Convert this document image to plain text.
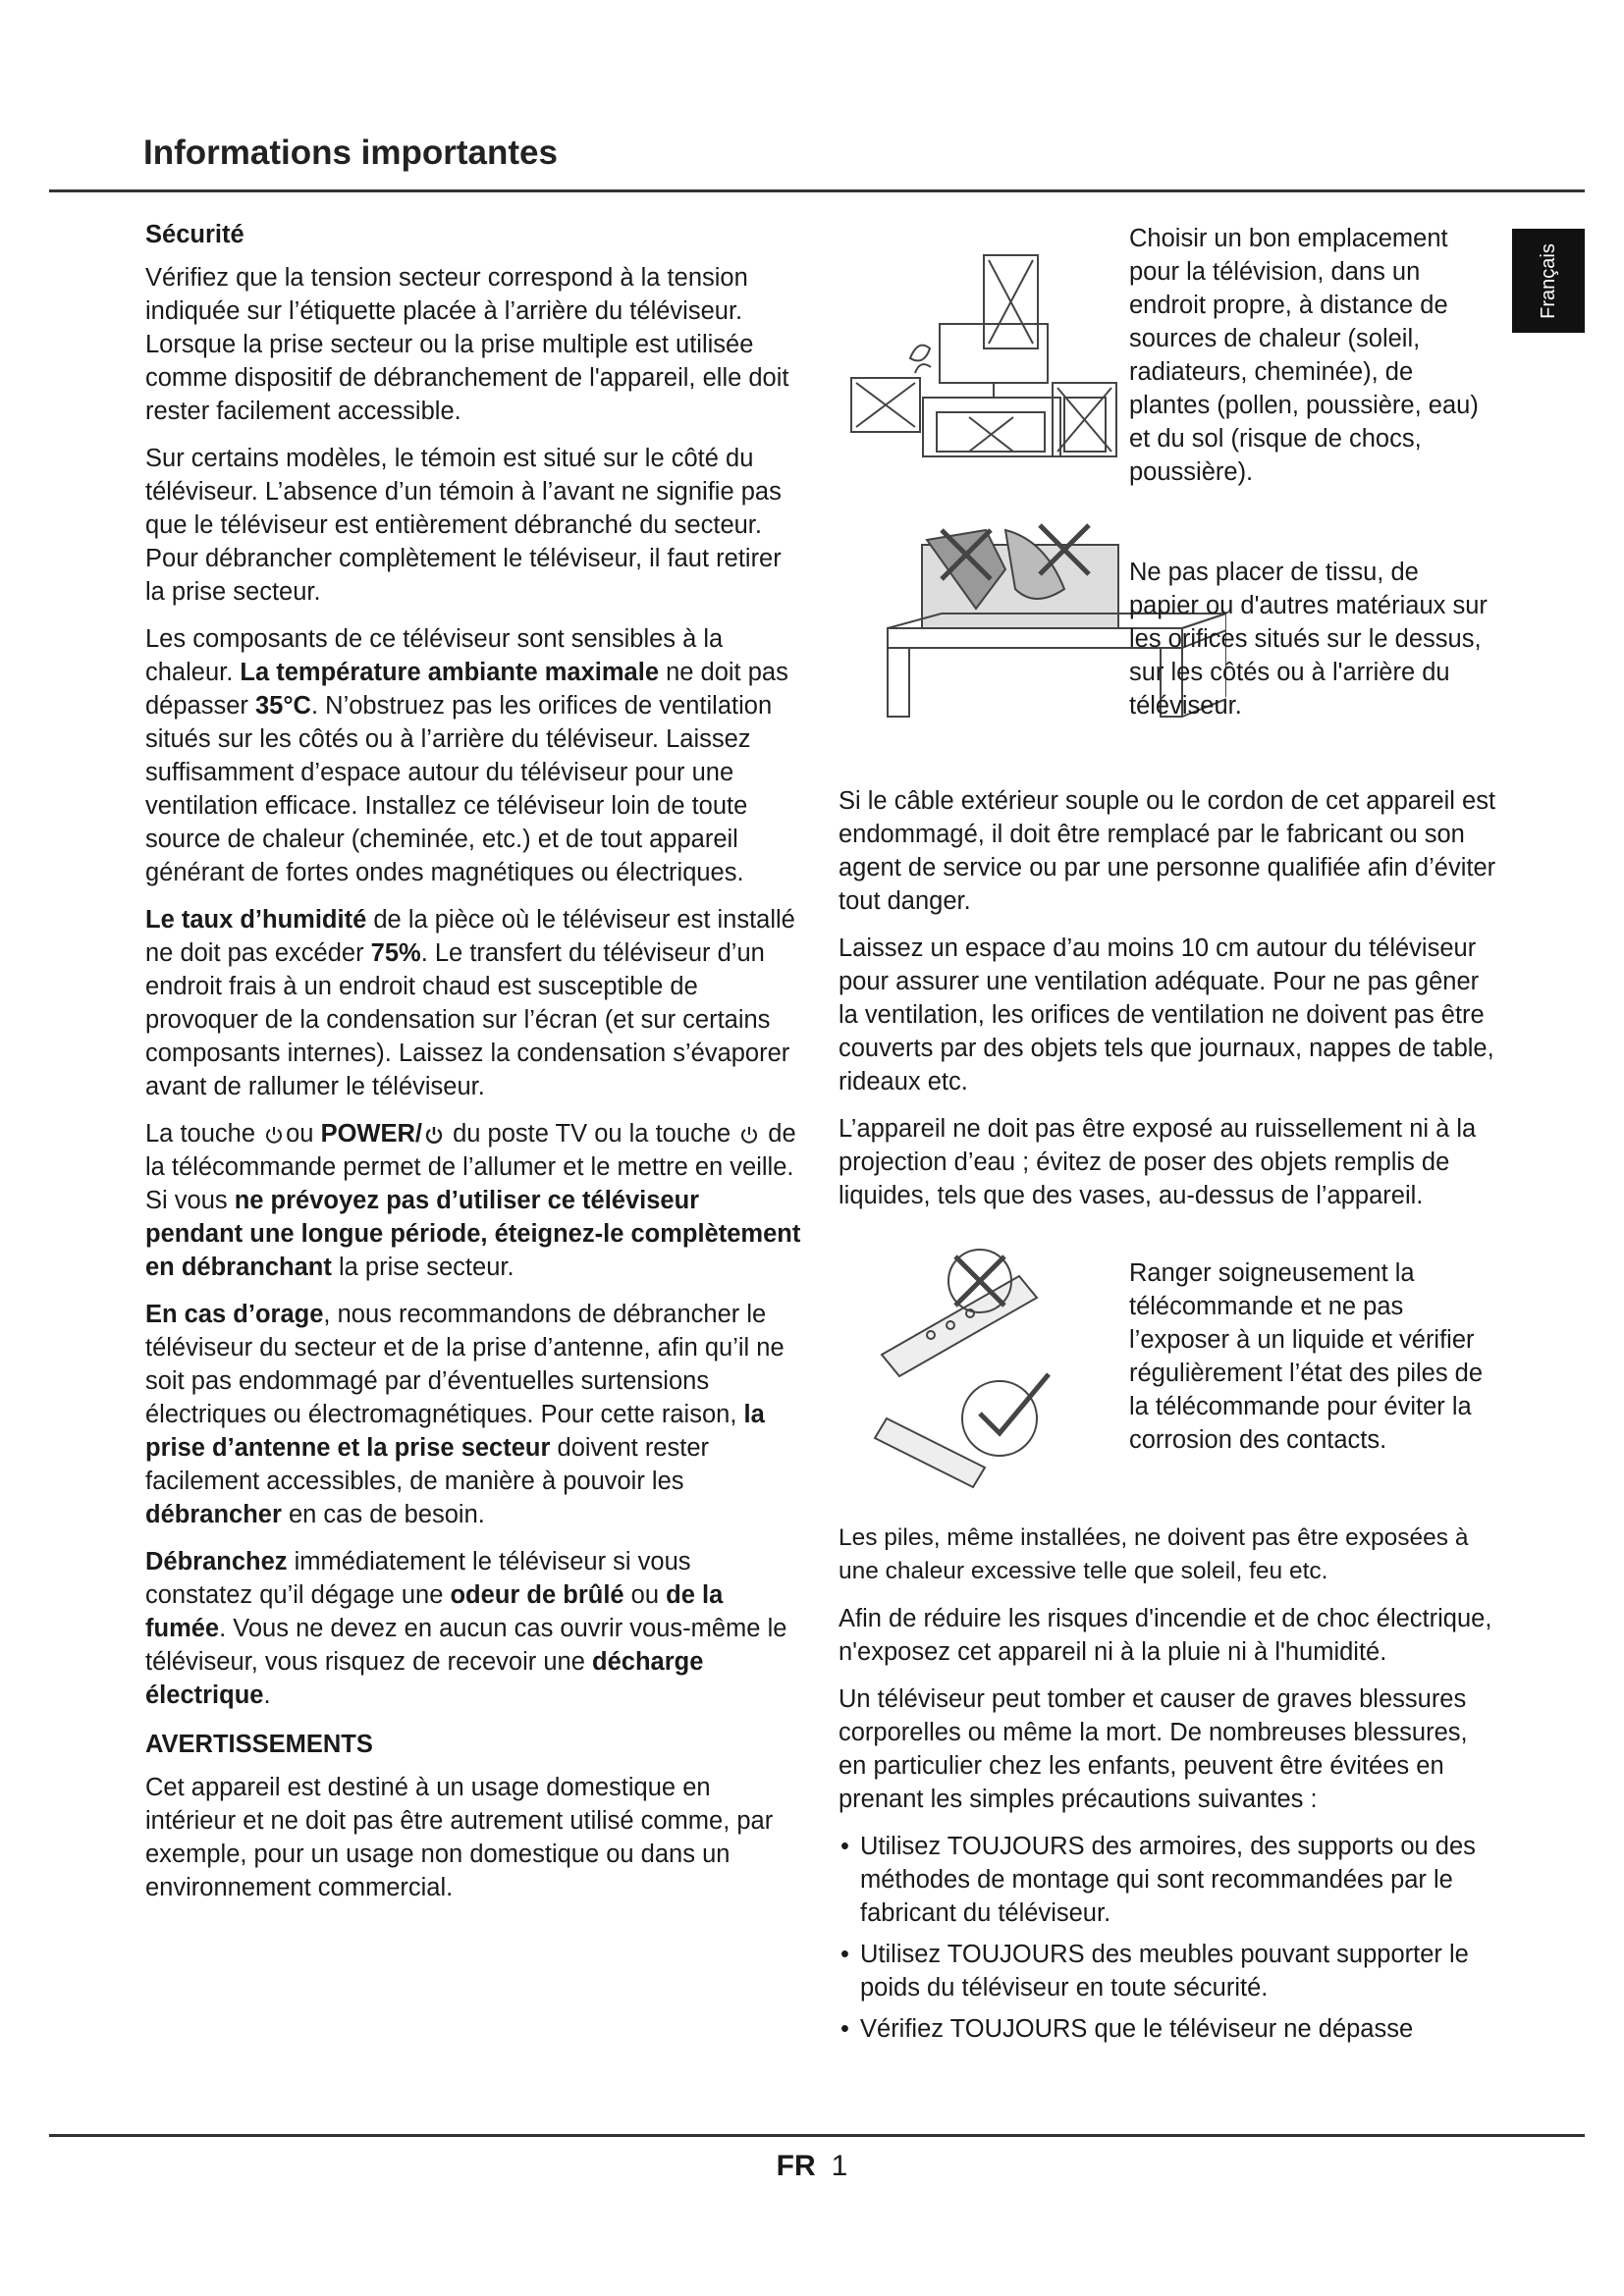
Informations importantes
Français
Sécurité

Vérifiez que la tension secteur correspond à la tension indiquée sur l’étiquette placée à l’arrière du téléviseur. Lorsque la prise secteur ou la prise multiple est utilisée comme dispositif de débranchement de l'appareil, elle doit rester facilement accessible.

Sur certains modèles, le témoin est situé sur le côté du téléviseur. L’absence d’un témoin à l’avant ne signifie pas que le téléviseur est entièrement débranché du secteur. Pour débrancher complètement le téléviseur, il faut retirer la prise secteur.

Les composants de ce téléviseur sont sensibles à la chaleur. La température ambiante maximale ne doit pas dépasser 35°C. N’obstruez pas les orifices de ventilation situés sur les côtés ou à l’arrière du téléviseur. Laissez suffisamment d’espace autour du téléviseur pour une ventilation efficace. Installez ce téléviseur loin de toute source de chaleur (cheminée, etc.) et de tout appareil générant de fortes ondes magnétiques ou électriques.

Le taux d’humidité de la pièce où le téléviseur est installé ne doit pas excéder 75%. Le transfert du téléviseur d’un endroit frais à un endroit chaud est susceptible de provoquer de la condensation sur l’écran (et sur certains composants internes). Laissez la condensation s’évaporer avant de rallumer le téléviseur.

La touche ou POWER/ du poste TV ou la touche  de la télécommande permet de l’allumer et le mettre en veille. Si vous ne prévoyez pas d’utiliser ce téléviseur pendant une longue période, éteignez-le complètement en débranchant la prise secteur.

En cas d’orage, nous recommandons de débrancher le téléviseur du secteur et de la prise d’antenne, afin qu’il ne soit pas endommagé par d’éventuelles surtensions électriques ou électromagnétiques. Pour cette raison, la prise d’antenne et la prise secteur doivent rester facilement accessibles, de manière à pouvoir les débrancher en cas de besoin.

Débranchez immédiatement le téléviseur si vous constatez qu’il dégage une odeur de brûlé ou de la fumée. Vous ne devez en aucun cas ouvrir vous-même le téléviseur, vous risquez de recevoir une décharge électrique.

AVERTISSEMENTS

Cet appareil est destiné à un usage domestique en intérieur et ne doit pas être autrement utilisé comme, par exemple, pour un usage non domestique ou dans un environnement commercial.

Choisir un bon emplacement pour la télévision, dans un endroit propre, à distance de sources de chaleur (soleil, radiateurs, cheminée), de plantes (pollen, poussière, eau) et du sol (risque de chocs, poussière).
Ne pas placer de tissu, de papier ou d'autres matériaux sur les orifices situés sur le dessus, sur les côtés ou à l'arrière du téléviseur.

Si le câble extérieur souple ou le cordon de cet appareil est endommagé, il doit être remplacé par le fabricant ou son agent de service ou par une personne qualifiée afin d’éviter tout danger.

Laissez un espace d’au moins 10 cm autour du téléviseur pour assurer une ventilation adéquate. Pour ne pas gêner la ventilation, les orifices de ventilation ne doivent pas être couverts par des objets tels que journaux, nappes de table, rideaux etc.

L’appareil ne doit pas être exposé au ruissellement ni à la projection d’eau ; évitez de poser des objets remplis de liquides, tels que des vases, au-dessus de l’appareil.

Ranger soigneusement la télécommande et ne pas l’exposer à un liquide et vérifier régulièrement l’état des piles de la télécommande pour éviter la corrosion des contacts.

Les piles, même installées, ne doivent pas être exposées à une chaleur excessive telle que soleil, feu etc.

Afin de réduire les risques d'incendie et de choc électrique, n'exposez cet appareil ni à la pluie ni à l'humidité.

Un téléviseur peut tomber et causer de graves blessures corporelles ou même la mort. De nombreuses blessures, en particulier chez les enfants, peuvent être évitées en prenant les simples précautions suivantes :

• Utilisez TOUJOURS des armoires, des supports ou des méthodes de montage qui sont recommandées par le fabricant du téléviseur.
• Utilisez TOUJOURS des meubles pouvant supporter le poids du téléviseur en toute sécurité.
• Vérifiez TOUJOURS que le téléviseur ne dépasse
FR 1
